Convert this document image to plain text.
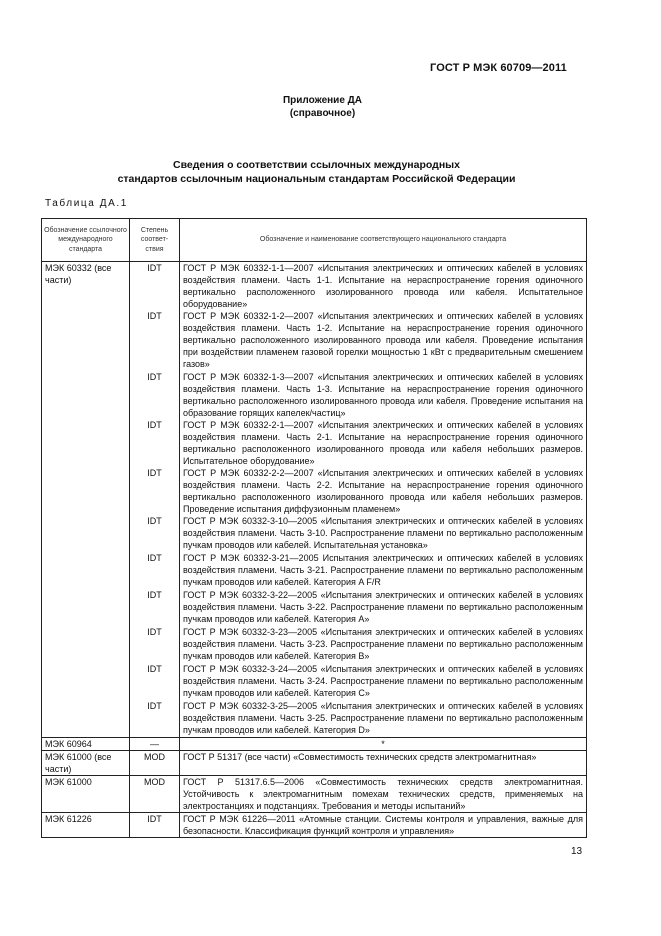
ГОСТ Р МЭК 60709—2011
Приложение ДА
(справочное)
Сведения о соответствии ссылочных международных
стандартов ссылочным национальным стандартам Российской Федерации
Таблица ДА.1
Обозначение ссылочного международного стандарта	Степень соответ-ствия	Обозначение и наименование соответствующего национального стандарта
МЭК 60332 (все части)	IDT	ГОСТ Р МЭК 60332-1-1—2007 «Испытания электрических и оптических кабелей в условиях воздействия пламени. Часть 1-1. Испытание на нераспространение горения одиночного вертикально расположенного изолированного провода или кабеля. Испытательное оборудование»
	IDT	ГОСТ Р МЭК 60332-1-2—2007 «Испытания электрических и оптических кабелей в условиях воздействия пламени. Часть 1-2. Испытание на нераспространение горения одиночного вертикально расположенного изолированного провода или кабеля. Проведение испытания при воздействии пламенем газовой горелки мощностью 1 кВт с предварительным смешением газов»
	IDT	ГОСТ Р МЭК 60332-1-3—2007 «Испытания электрических и оптических кабелей в условиях воздействия пламени. Часть 1-3. Испытание на нераспространение горения одиночного вертикально расположенного изолированного провода или кабеля. Проведение испытания на образование горящих капелек/частиц»
	IDT	ГОСТ Р МЭК 60332-2-1—2007 «Испытания электрических и оптических кабелей в условиях воздействия пламени. Часть 2-1. Испытание на нераспространение горения одиночного вертикально расположенного изолированного провода или кабеля небольших размеров. Испытательное оборудование»
	IDT	ГОСТ Р МЭК 60332-2-2—2007 «Испытания электрических и оптических кабелей в условиях воздействия пламени. Часть 2-2. Испытание на нераспространение горения одиночного вертикально расположенного изолированного провода или кабеля небольших размеров. Проведение испытания диффузионным пламенем»
	IDT	ГОСТ Р МЭК 60332-3-10—2005 «Испытания электрических и оптических кабелей в условиях воздействия пламени. Часть 3-10. Распространение пламени по вертикально расположенным пучкам проводов или кабелей. Испытательная установка»
	IDT	ГОСТ Р МЭК 60332-3-21—2005 Испытания электрических и оптических кабелей в условиях воздействия пламени. Часть 3-21. Распространение пламени по вертикально расположенным пучкам проводов или кабелей. Категория A F/R
	IDT	ГОСТ Р МЭК 60332-3-22—2005 «Испытания электрических и оптических кабелей в условиях воздействия пламени. Часть 3-22. Распространение пламени по вертикально расположенным пучкам проводов или кабелей. Категория A»
	IDT	ГОСТ Р МЭК 60332-3-23—2005 «Испытания электрических и оптических кабелей в условиях воздействия пламени. Часть 3-23. Распространение пламени по вертикально расположенным пучкам проводов или кабелей. Категория B»
	IDT	ГОСТ Р МЭК 60332-3-24—2005 «Испытания электрических и оптических кабелей в условиях воздействия пламени. Часть 3-24. Распространение пламени по вертикально расположенным пучкам проводов или кабелей. Категория C»
	IDT	ГОСТ Р МЭК 60332-3-25—2005 «Испытания электрических и оптических кабелей в условиях воздействия пламени. Часть 3-25. Распространение пламени по вертикально расположенным пучкам проводов или кабелей. Категория D»
МЭК 60964	—	*
МЭК 61000 (все части)	MOD	ГОСТ Р 51317 (все части) «Совместимость технических средств электромагнитная»
МЭК 61000	MOD	ГОСТ Р 51317.6.5—2006 «Совместимость технических средств электромагнитная. Устойчивость к электромагнитным помехам технических средств, применяемых на электростанциях и подстанциях. Требования и методы испытаний»
МЭК 61226	IDT	ГОСТ Р МЭК 61226—2011 «Атомные станции. Системы контроля и управления, важные для безопасности. Классификация функций контроля и управления»
13
